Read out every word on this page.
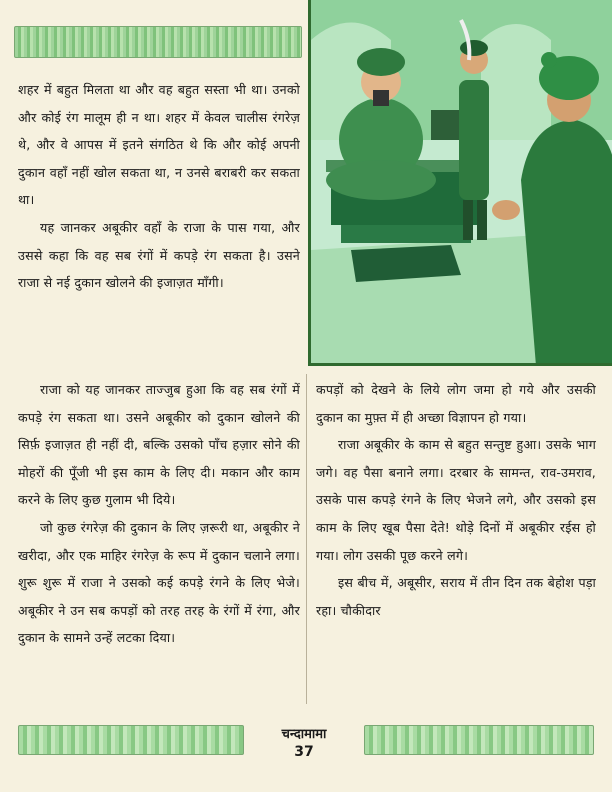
शहर में बहुत मिलता था और वह बहुत सस्ता भी था। उनको और कोई रंग मालूम ही न था। शहर में केवल चालीस रंगरेज़ थे, और वे आपस में इतने संगठित थे कि और कोई अपनी दुकान वहाँ नहीं खोल सकता था, न उनसे बराबरी कर सकता था।

यह जानकर अबूकीर वहाँ के राजा के पास गया, और उससे कहा कि वह सब रंगों में कपड़े रंग सकता है। उसने राजा से नई दुकान खोलने की इजाज़त माँगी।

राजा को यह जानकर ताज्जुब हुआ कि वह सब रंगों में कपड़े रंग सकता था। उसने अबूकीर को दुकान खोलने की सिर्फ़ इजाज़त ही नहीं दी, बल्कि उसको पाँच हज़ार सोने की मोहरों की पूँजी भी इस काम के लिए दी। मकान और काम करने के लिए कुछ गुलाम भी दिये।

जो कुछ रंगरेज़ की दुकान के लिए ज़रूरी था, अबूकीर ने खरीदा, और एक माहिर रंगरेज़ के रूप में दुकान चलाने लगा। शुरू शुरू में राजा ने उसको कई कपड़े रंगने के लिए भेजे। अबूकीर ने उन सब कपड़ों को तरह तरह के रंगों में रंगा, और दुकान के सामने उन्हें लटका दिया।

कपड़ों को देखने के लिये लोग जमा हो गये और उसकी दुकान का मुफ़्त में ही अच्छा विज्ञापन हो गया।

राजा अबूकीर के काम से बहुत सन्तुष्ट हुआ। उसके भाग जगे। वह पैसा बनाने लगा। दरबार के सामन्त, राव-उमराव, उसके पास कपड़े रंगने के लिए भेजने लगे, और उसको इस काम के लिए खूब पैसा देते! थोड़े दिनों में अबूकीर रईस हो गया। लोग उसकी पूछ करने लगे।

इस बीच में, अबूसीर, सराय में तीन दिन तक बेहोश पड़ा रहा। चौकीदार

चन्दामामा
37
